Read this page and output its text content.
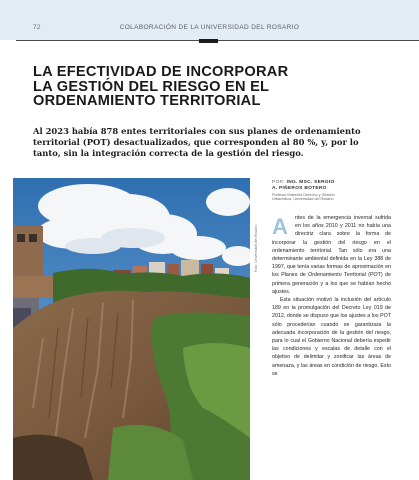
72	COLABORACIÓN DE LA UNIVERSIDAD DEL ROSARIO
LA EFECTIVIDAD DE INCORPORAR
LA GESTIÓN DEL RIESGO EN EL
ORDENAMIENTO TERRITORIAL

Al 2023 había 878 entes territoriales con sus planes de ordenamiento territorial (POT) desactualizados, que corresponden al 80 %, y, por lo tanto, sin la integración correcta de la gestión del riesgo.

Foto: Universidad del Rosario
POR: ING. MSC. SERGIO
A. PIÑEROS BOTERO
Profesor Maestría Derecho y Gestión
Urbanística, Universidad del Rosario
A	ntes de la emergencia invernal sufrida en los años 2010 y 2011 no había una directriz clara sobre la forma de incorporar la gestión del riesgo en el ordenamiento territorial. Tan sólo era una determinante ambiental definida en la Ley 388 de 1997, que tenía varias formas de aproximación en los Planes de Ordenamiento Territorial (POT) de primera generación y a los que se habían hecho ajustes.

Esta situación motivó la inclusión del artículo 189 en la promulgación del Decreto Ley 019 de 2012, donde se dispuso que los ajustes a los POT sólo procederían cuando se garantizara la adecuada incorporación de la gestión del riesgo, para lo cual el Gobierno Nacional debería expedir las condiciones y escalas de detalle con el objetivo de delimitar y zonificar las áreas de amenaza, y las áreas en condición de riesgo. Esto se
